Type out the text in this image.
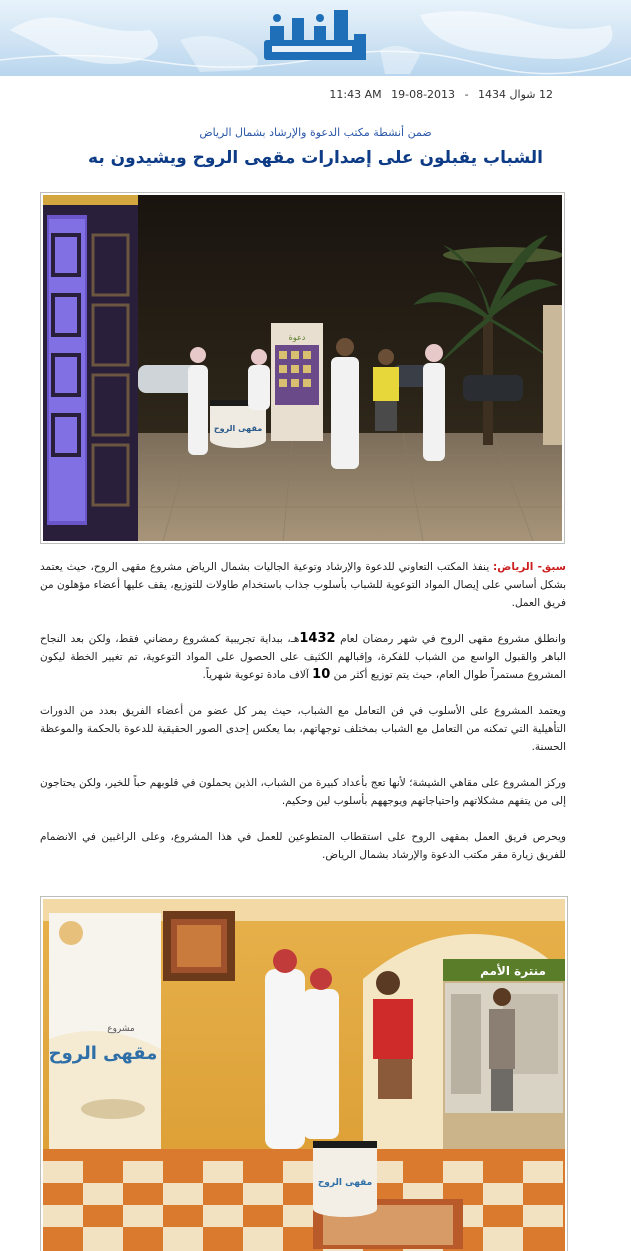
12 شوال 1434 - 19-08-2013 11:43 AM
ضمن أنشطة مكتب الدعوة والإرشاد بشمال الرياض
الشباب يقبلون على إصدارات مقهى الروح ويشيدون به
دعوة
مقهى الروح

سبق- الرياض: ينفذ المكتب التعاوني للدعوة والإرشاد وتوعية الجاليات بشمال الرياض مشروع مقهى الروح، حيث يعتمد بشكل أساسي على إيصال المواد التوعوية للشباب بأسلوب جذاب باستخدام طاولات للتوزيع، يقف عليها أعضاء مؤهلون من فريق العمل.

وانطلق مشروع مقهى الروح في شهر رمضان لعام 1432هـ، ببداية تجريبية كمشروع رمضاني فقط، ولكن بعد النجاح الباهر والقبول الواسع من الشباب للفكرة، وإقبالهم الكثيف على الحصول على المواد التوعوية، تم تغيير الخطة ليكون المشروع مستمراً طوال العام، حيث يتم توزيع أكثر من 10 آلاف مادة توعوية شهرياً.

ويعتمد المشروع على الأسلوب في فن التعامل مع الشباب، حيث يمر كل عضو من أعضاء الفريق بعدد من الدورات التأهيلية التي تمكنه من التعامل مع الشباب بمختلف توجهاتهم، بما يعكس إحدى الصور الحقيقية للدعوة بالحكمة والموعظة الحسنة.

وركز المشروع على مقاهي الشيشة؛ لأنها تعج بأعداد كبيرة من الشباب، الذين يحملون في قلوبهم حباً للخير، ولكن يحتاجون إلى من يتفهم مشكلاتهم واحتياجاتهم ويوجههم بأسلوب لين وحكيم.

ويحرص فريق العمل بمقهى الروح على استقطاب المتطوعين للعمل في هذا المشروع، وعلى الراغبين في الانضمام للفريق زيارة مقر مكتب الدعوة والإرشاد بشمال الرياض.

منترة الأمم
مشروع
مقهى الروح
مقهى الروح
